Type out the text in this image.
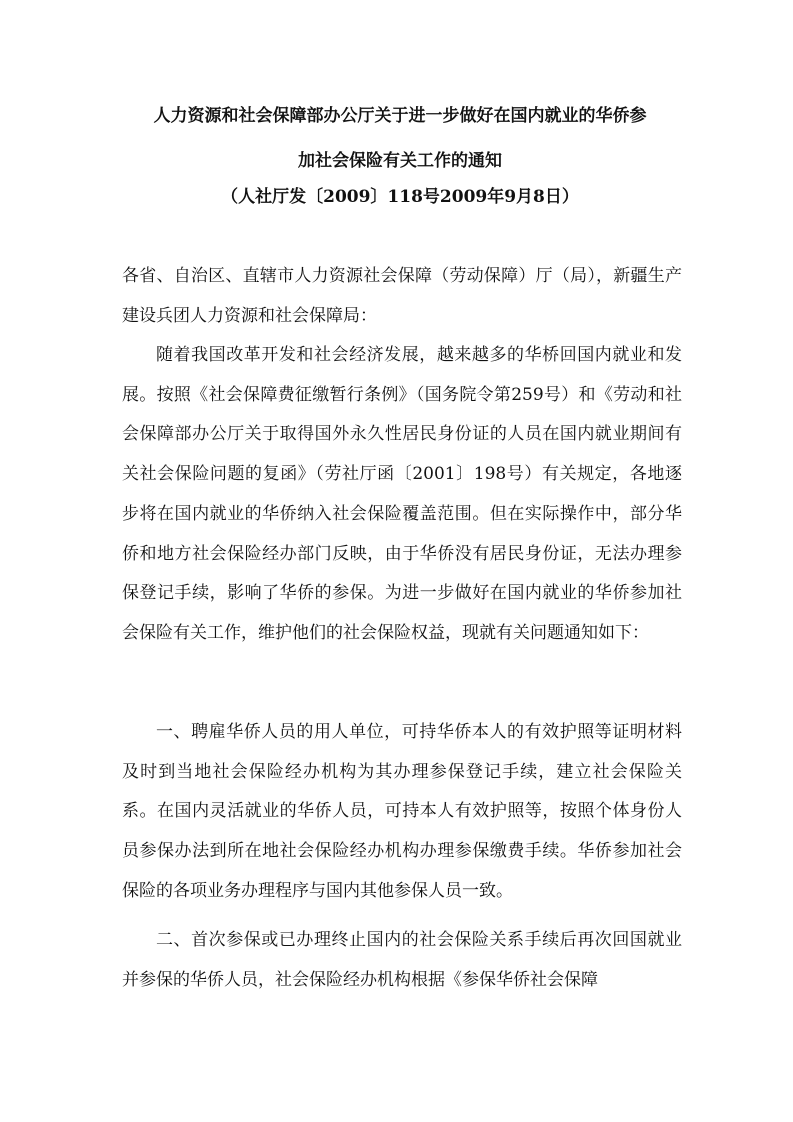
人力资源和社会保障部办公厅关于进一步做好在国内就业的华侨参
加社会保险有关工作的通知
（人社厅发〔2009〕118号2009年9月8日）

各省、自治区、直辖市人力资源社会保障（劳动保障）厅（局），新疆生产建设兵团人力资源和社会保障局：

随着我国改革开发和社会经济发展，越来越多的华桥回国内就业和发展。按照《社会保障费征缴暂行条例》（国务院令第259号）和《劳动和社会保障部办公厅关于取得国外永久性居民身份证的人员在国内就业期间有关社会保险问题的复函》（劳社厅函〔2001〕198号）有关规定，各地逐步将在国内就业的华侨纳入社会保险覆盖范围。但在实际操作中，部分华侨和地方社会保险经办部门反映，由于华侨没有居民身份证，无法办理参保登记手续，影响了华侨的参保。为进一步做好在国内就业的华侨参加社会保险有关工作，维护他们的社会保险权益，现就有关问题通知如下：

一、聘雇华侨人员的用人单位，可持华侨本人的有效护照等证明材料及时到当地社会保险经办机构为其办理参保登记手续，建立社会保险关系。在国内灵活就业的华侨人员，可持本人有效护照等，按照个体身份人员参保办法到所在地社会保险经办机构办理参保缴费手续。华侨参加社会保险的各项业务办理程序与国内其他参保人员一致。

二、首次参保或已办理终止国内的社会保险关系手续后再次回国就业并参保的华侨人员，社会保险经办机构根据《参保华侨社会保障
